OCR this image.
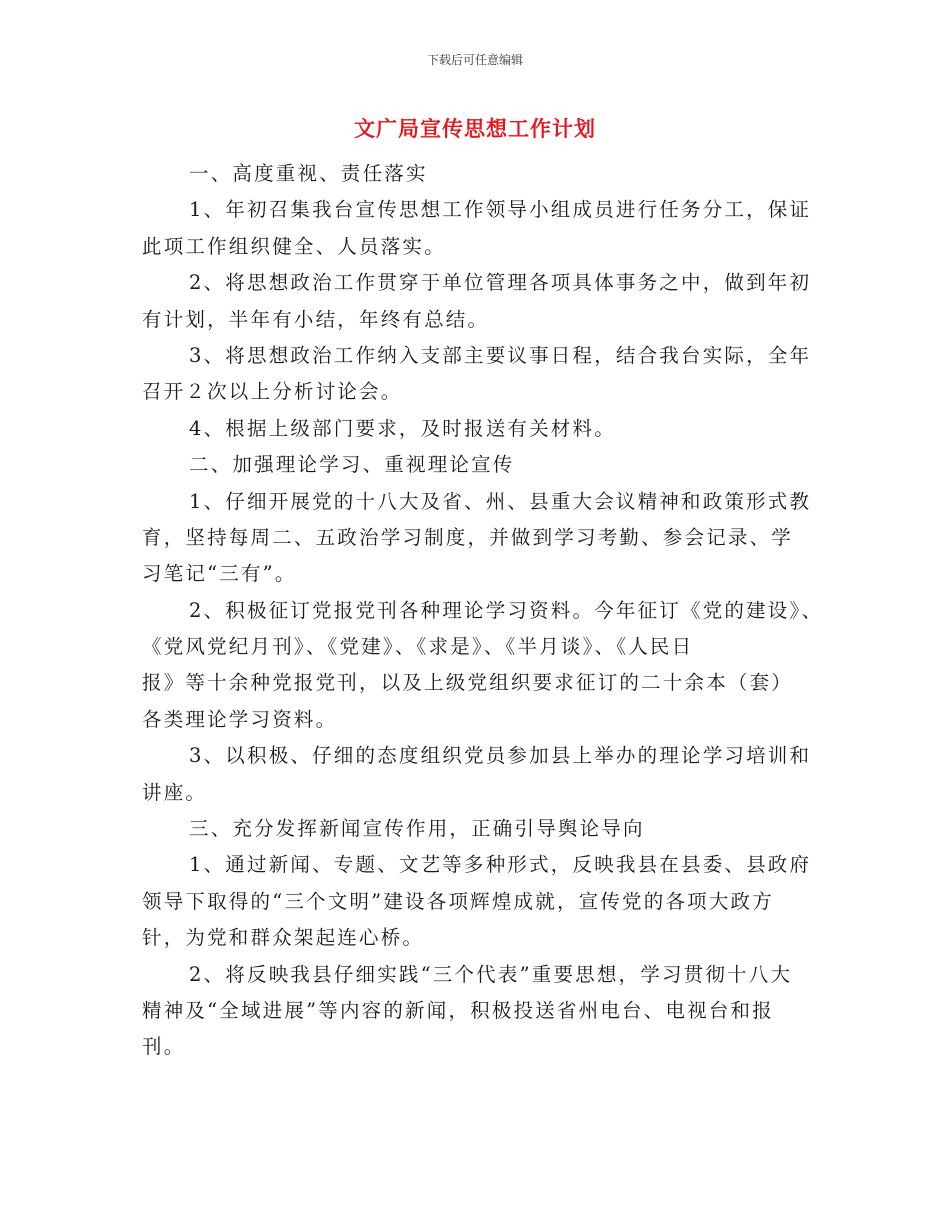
下载后可任意编辑
文广局宣传思想工作计划
一、高度重视、责任落实
1、年初召集我台宣传思想工作领导小组成员进行任务分工，保证
此项工作组织健全、人员落实。
2、将思想政治工作贯穿于单位管理各项具体事务之中，做到年初
有计划，半年有小结，年终有总结。
3、将思想政治工作纳入支部主要议事日程，结合我台实际，全年
召开２次以上分析讨论会。
4、根据上级部门要求，及时报送有关材料。
二、加强理论学习、重视理论宣传
1、仔细开展党的十八大及省、州、县重大会议精神和政策形式教
育，坚持每周二、五政治学习制度，并做到学习考勤、参会记录、学
习笔记“三有”。
2、积极征订党报党刊各种理论学习资料。今年征订《党的建设》、
《党风党纪月刊》、《党建》、《求是》、《半月谈》、《人民日
报》等十余种党报党刊，以及上级党组织要求征订的二十余本（套）
各类理论学习资料。
3、以积极、仔细的态度组织党员参加县上举办的理论学习培训和
讲座。
三、充分发挥新闻宣传作用，正确引导舆论导向
1、通过新闻、专题、文艺等多种形式，反映我县在县委、县政府
领导下取得的“三个文明”建设各项辉煌成就，宣传党的各项大政方
针，为党和群众架起连心桥。
2、将反映我县仔细实践“三个代表”重要思想，学习贯彻十八大
精神及“全域进展”等内容的新闻，积极投送省州电台、电视台和报
刊。
